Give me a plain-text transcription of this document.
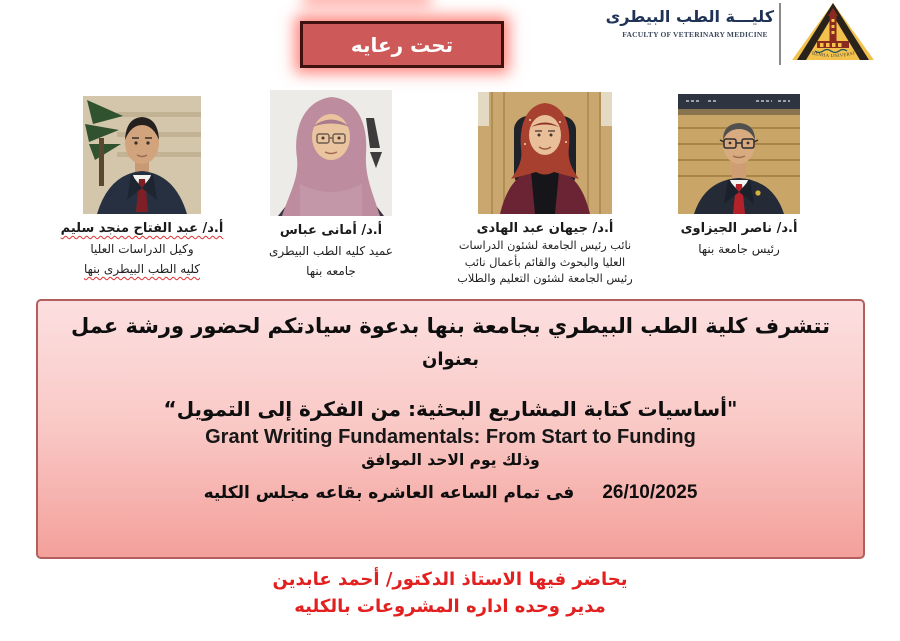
تحت رعايه
كليـــة الطب البيطرى
FACULTY OF VETERINARY MEDICINE
BENHA UNIVERSITY
أ.د/ عبد الفتاح منجد سليم
وكيل الدراسات العليا
كليه الطب البيطرى بنها
أ.د/ أمانى عباس
عميد كليه الطب البيطرى
جامعه بنها
أ.د/ جيهان عبد الهادى
نائب رئيس الجامعة لشئون الدراسات
العليا والبحوث والقائم بأعمال نائب
رئيس الجامعة لشئون التعليم والطلاب
أ.د/ ناصر الجيزاوى
رئيس جامعة بنها
تتشرف كلية الطب البيطري بجامعة بنها بدعوة سيادتكم لحضور ورشة عمل
بعنوان
"أساسيات كتابة المشاريع البحثية: من الفكرة إلى التمويل“
Grant Writing Fundamentals: From Start to Funding
وذلك يوم الاحد الموافق
فى تمام الساعه العاشره بقاعه مجلس الكليه 26/10/2025
يحاضر فيها الاستاذ الدكتور/ أحمد عابدين
مدير وحده اداره المشروعات بالكليه
